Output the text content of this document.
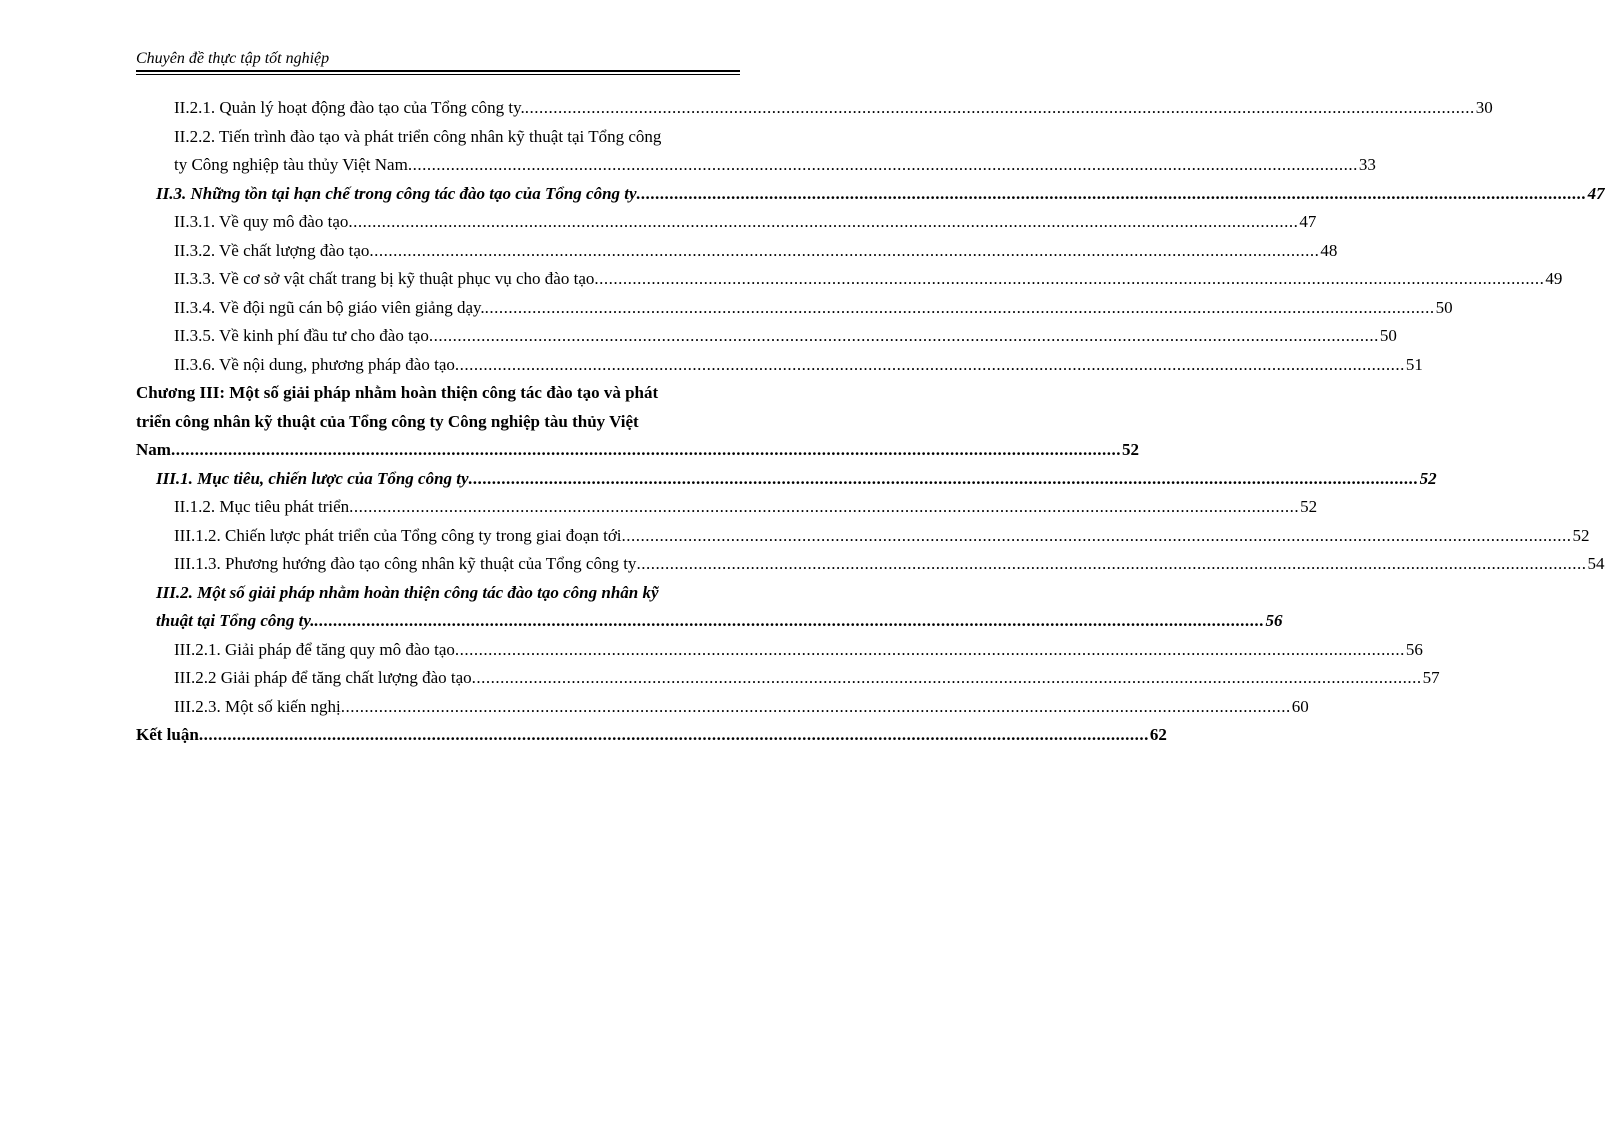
Chuyên đề thực tập tốt nghiệp
II.2.1. Quản lý hoạt động đào tạo của Tổng công ty. ........................................................................................................................................................................................................ 30
II.2.2. Tiến trình đào tạo và phát triển công nhân kỹ thuật tại Tổng công
ty Công nghiệp tàu thủy Việt Nam ........................................................................................................................................................................................................ 33
II.3. Những tồn tại hạn chế trong công tác đào tạo của Tổng công ty ........................................................................................................................................................................................................ 47
II.3.1. Về quy mô đào tạo ........................................................................................................................................................................................................ 47
II.3.2. Về chất lượng đào tạo ........................................................................................................................................................................................................ 48
II.3.3. Về cơ sở vật chất trang bị kỹ thuật phục vụ cho đào tạo ........................................................................................................................................................................................................ 49
II.3.4. Về đội ngũ cán bộ giáo viên giảng dạy. ........................................................................................................................................................................................................ 50
II.3.5. Về kinh phí đầu tư cho đào tạo ........................................................................................................................................................................................................ 50
II.3.6. Về nội dung, phương pháp đào tạo ........................................................................................................................................................................................................ 51
Chương III: Một số giải pháp nhằm hoàn thiện công tác đào tạo và phát
triển công nhân kỹ thuật của Tổng công ty Công nghiệp tàu thủy Việt
Nam ........................................................................................................................................................................................................ 52
III.1. Mục tiêu, chiến lược của Tổng công ty ........................................................................................................................................................................................................ 52
II.1.2. Mục tiêu phát triển ........................................................................................................................................................................................................ 52
III.1.2. Chiến lược phát triển của Tổng công ty trong giai đoạn tới ........................................................................................................................................................................................................ 52
III.1.3. Phương hướng đào tạo công nhân kỹ thuật của Tổng công ty ........................................................................................................................................................................................................ 54
III.2. Một số giải pháp nhằm hoàn thiện công tác đào tạo công nhân kỹ
thuật tại Tổng công ty. ........................................................................................................................................................................................................ 56
III.2.1. Giải pháp để tăng quy mô đào tạo ........................................................................................................................................................................................................ 56
III.2.2 Giải pháp để tăng chất lượng đào tạo ........................................................................................................................................................................................................ 57
III.2.3. Một số kiến nghị ........................................................................................................................................................................................................ 60
Kết luận ........................................................................................................................................................................................................ 62
